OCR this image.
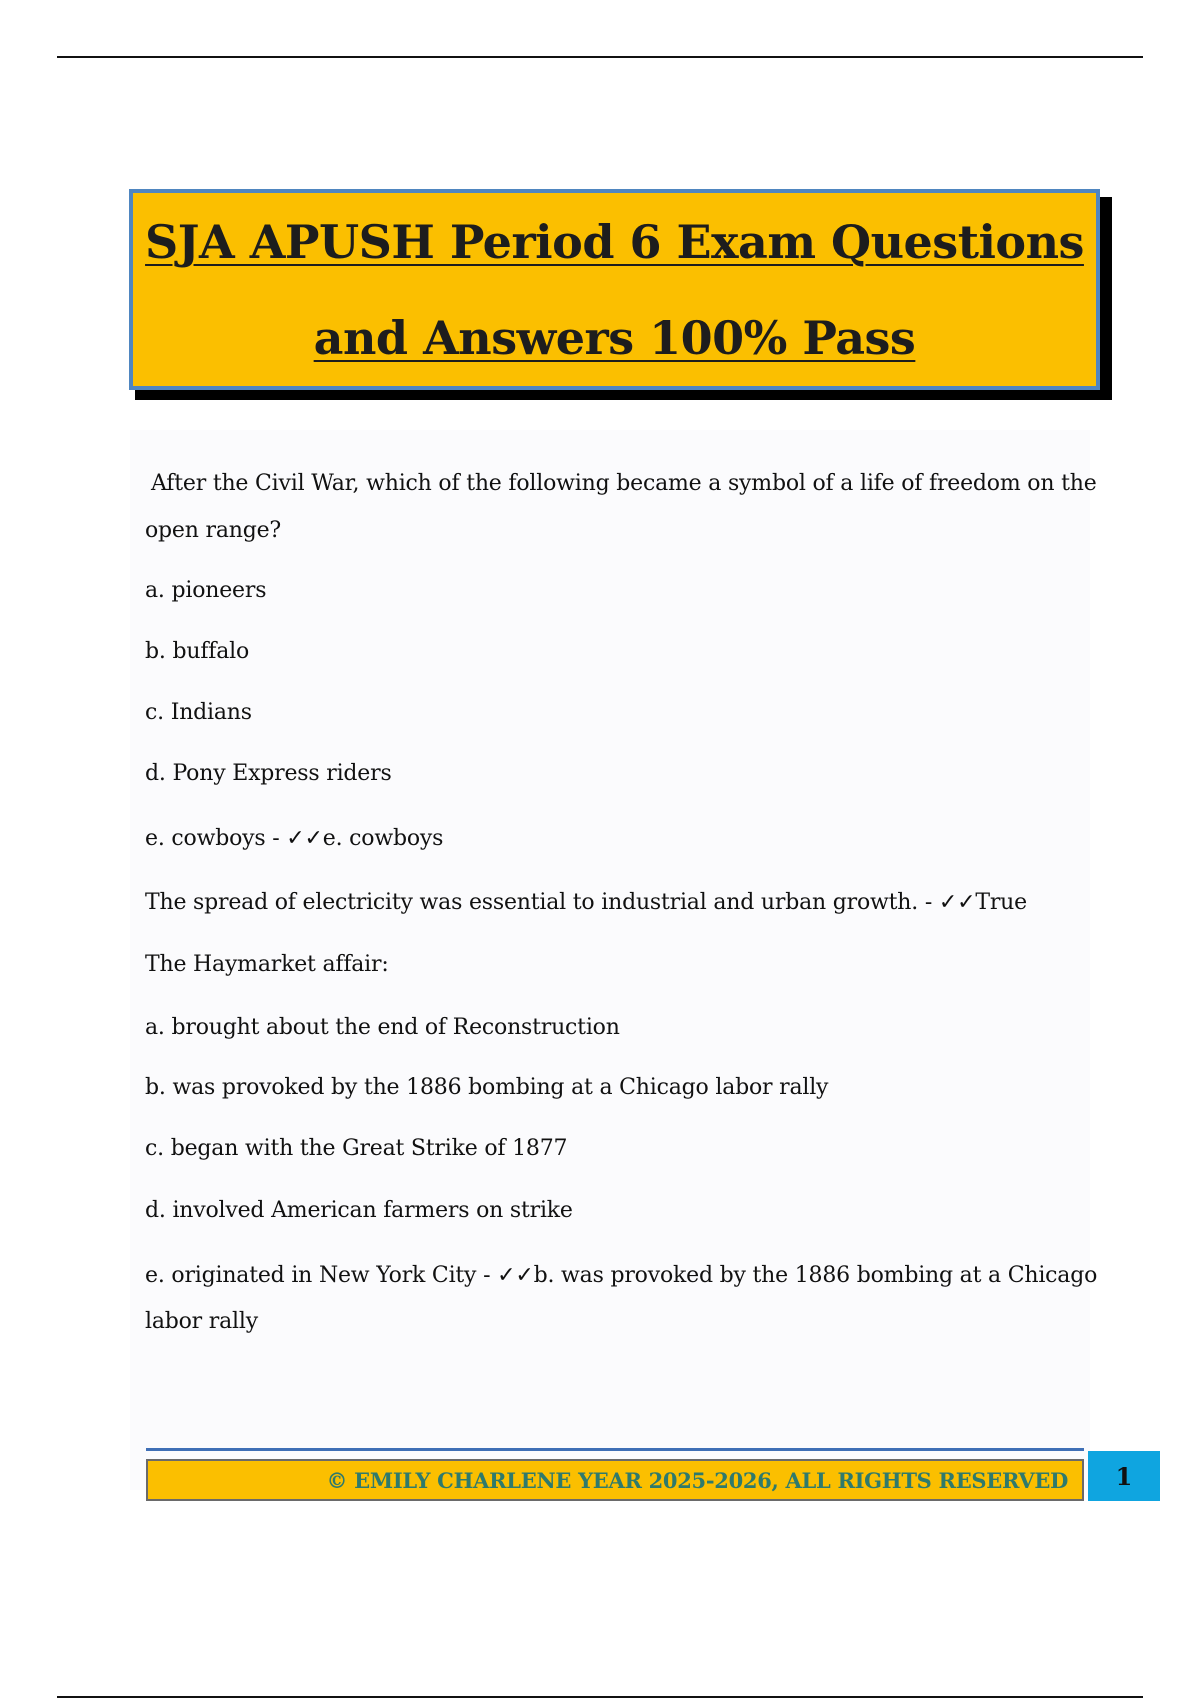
SJA APUSH Period 6 Exam Questions
and Answers 100% Pass
After the Civil War, which of the following became a symbol of a life of freedom on the
open range?
a. pioneers
b. buffalo
c. Indians
d. Pony Express riders
e. cowboys - ✓✓e. cowboys
The spread of electricity was essential to industrial and urban growth. - ✓✓True
The Haymarket affair:
a. brought about the end of Reconstruction
b. was provoked by the 1886 bombing at a Chicago labor rally
c. began with the Great Strike of 1877
d. involved American farmers on strike
e. originated in New York City - ✓✓b. was provoked by the 1886 bombing at a Chicago
labor rally
© EMILY CHARLENE YEAR 2025-2026, ALL RIGHTS RESERVED 1
